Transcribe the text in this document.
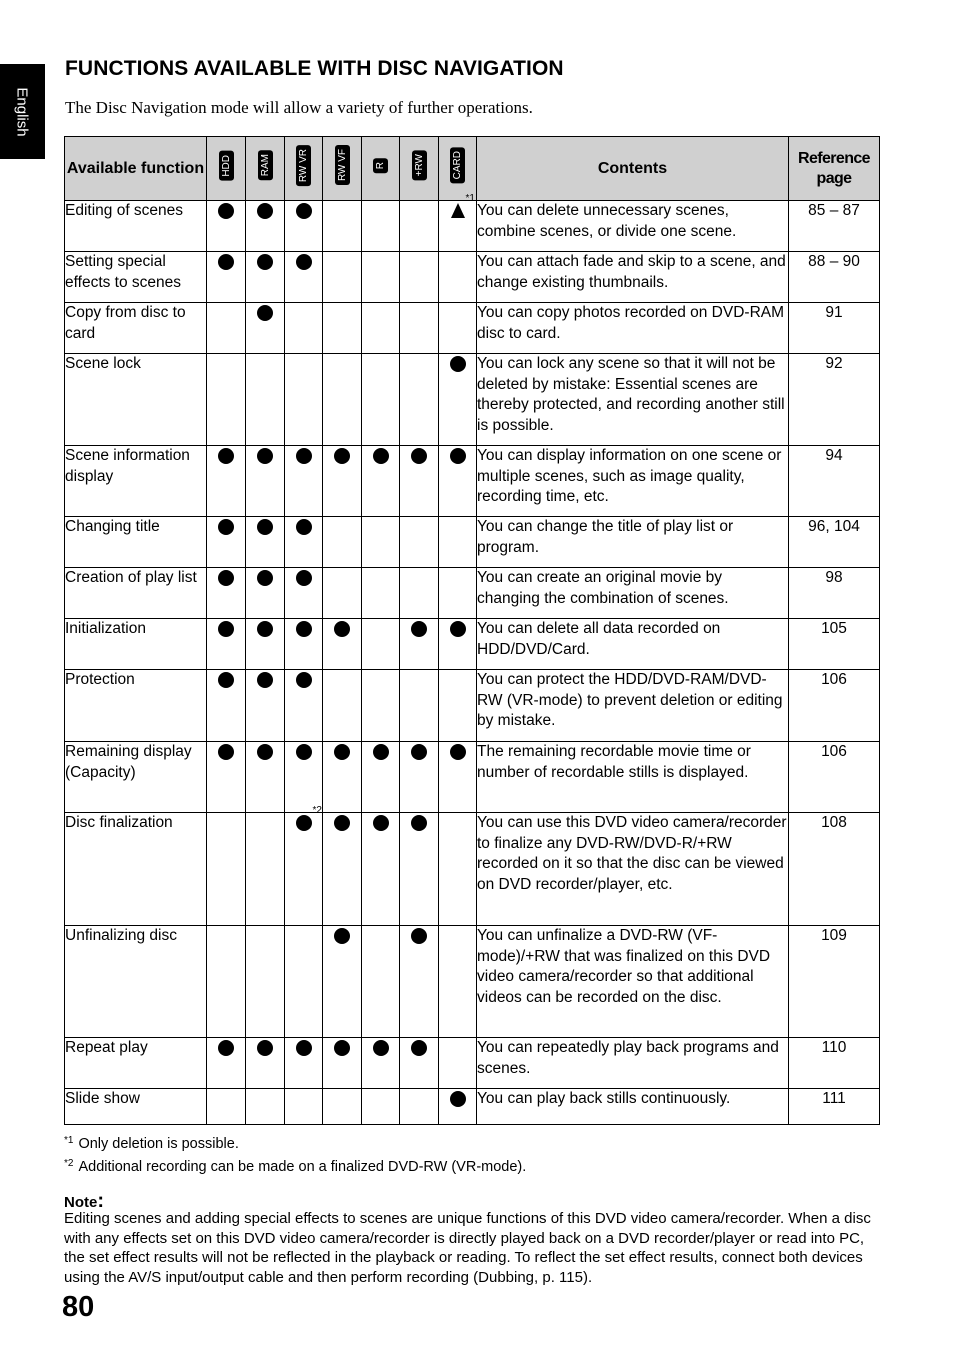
English
FUNCTIONS AVAILABLE WITH DISC NAVIGATION
The Disc Navigation mode will allow a variety of further operations.
Available function	HDD	RAM	RW VR	RW VF	R	+RW	CARD	Contents	Reference page
Editing of scenes							*1	You can delete unnecessary scenes, combine scenes, or divide one scene.	85 – 87
Setting special effects to scenes								You can attach fade and skip to a scene, and change existing thumbnails.	88 – 90
Copy from disc to card								You can copy photos recorded on DVD-RAM disc to card.	91
Scene lock								You can lock any scene so that it will not be deleted by mistake: Essential scenes are thereby protected, and recording another still is possible.	92
Scene information display								You can display information on one scene or multiple scenes, such as image quality, recording time, etc.	94
Changing title								You can change the title of play list or program.	96, 104
Creation of play list								You can create an original movie by changing the combination of scenes.	98
Initialization								You can delete all data recorded on HDD/DVD/Card.	105
Protection								You can protect the HDD/DVD-RAM/DVD-RW (VR-mode) to prevent deletion or editing by mistake.	106
Remaining display (Capacity)								The remaining recordable movie time or number of recordable stills is displayed.	106
Disc finalization			*2					You can use this DVD video camera/recorder to finalize any DVD-RW/DVD-R/+RW recorded on it so that the disc can be viewed on DVD recorder/player, etc.	108
Unfinalizing disc								You can unfinalize a DVD-RW (VF-mode)/+RW that was finalized on this DVD video camera/recorder so that additional videos can be recorded on the disc.	109
Repeat play								You can repeatedly play back programs and scenes.	110
Slide show								You can play back stills continuously.	111
$^{*1}$ Only deletion is possible.
$^{*2}$ Additional recording can be made on a finalized DVD-RW (VR-mode).
Note:
Editing scenes and adding special effects to scenes are unique functions of this DVD video camera/recorder. When a disc with any effects set on this DVD video camera/recorder is directly played back on a DVD recorder/player or read into PC, the set effect results will not be reflected in the playback or reading. To reflect the set effect results, connect both devices using the AV/S input/output cable and then perform recording (Dubbing, p. 115).
80
